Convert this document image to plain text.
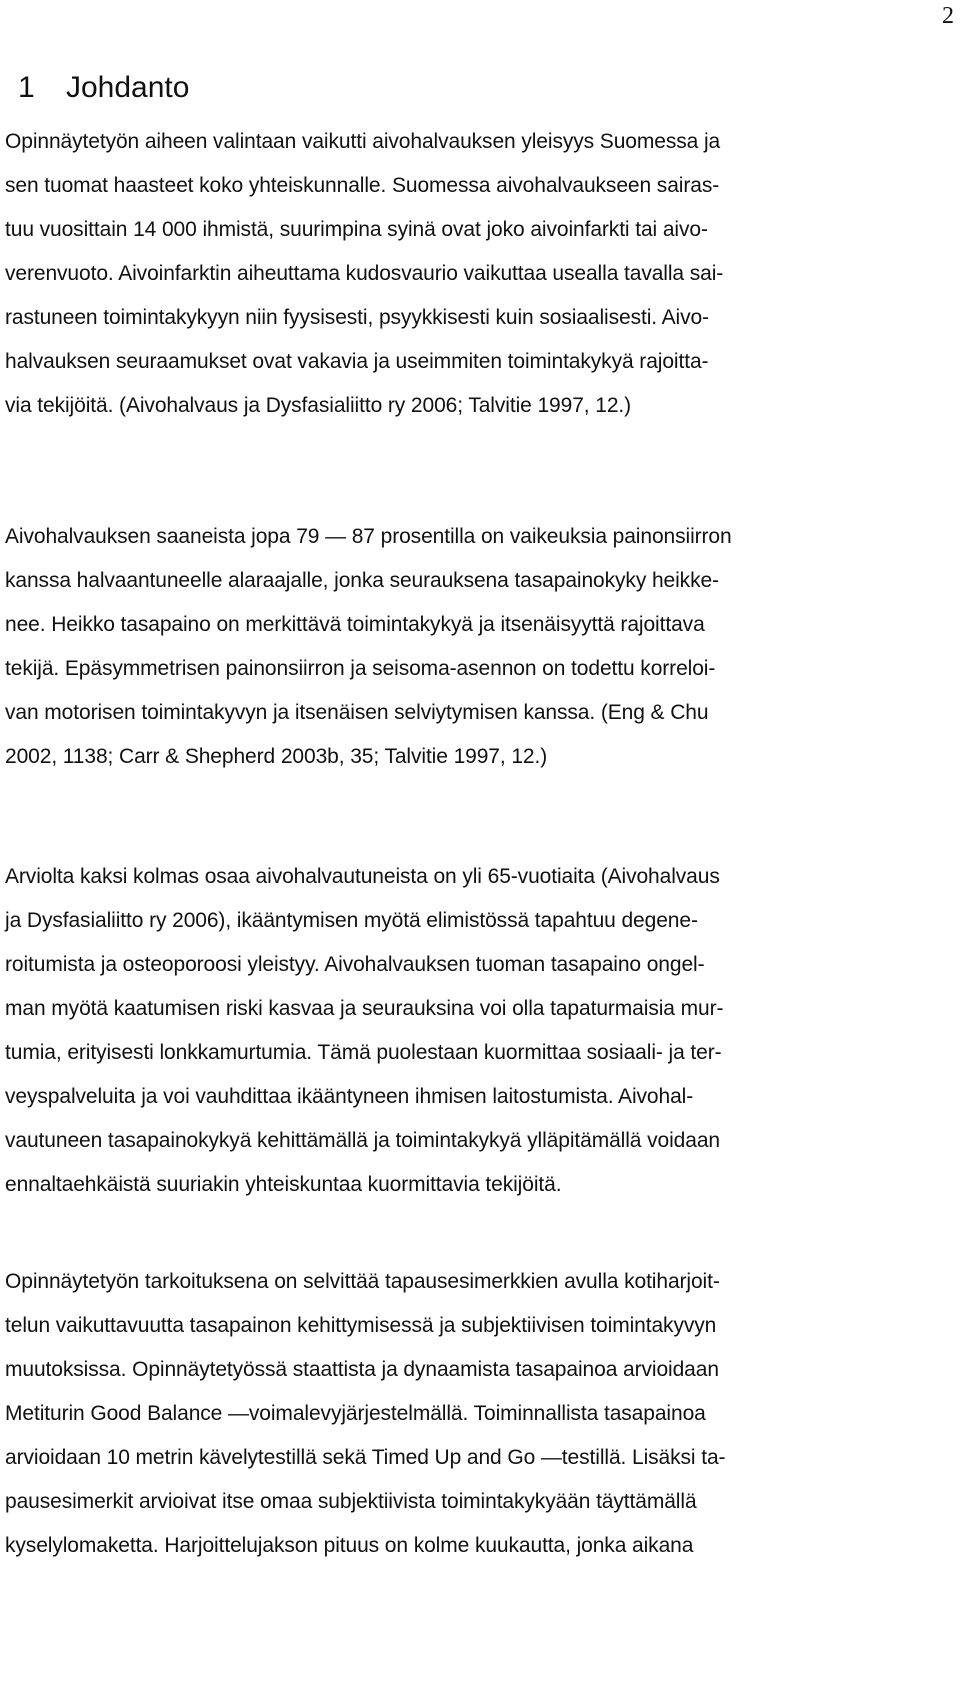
2
1 Johdanto
Opinnäytetyön aiheen valintaan vaikutti aivohalvauksen yleisyys Suomessa ja
sen tuomat haasteet koko yhteiskunnalle. Suomessa aivohalvaukseen sairas-
tuu vuosittain 14 000 ihmistä, suurimpina syinä ovat joko aivoinfarkti tai aivo-
verenvuoto. Aivoinfarktin aiheuttama kudosvaurio vaikuttaa usealla tavalla sai-
rastuneen toimintakykyyn niin fyysisesti, psyykkisesti kuin sosiaalisesti. Aivo-
halvauksen seuraamukset ovat vakavia ja useimmiten toimintakykyä rajoitta-
via tekijöitä. (Aivohalvaus ja Dysfasialiitto ry 2006; Talvitie 1997, 12.)
Aivohalvauksen saaneista jopa 79 ― 87 prosentilla on vaikeuksia painonsiirron
kanssa halvaantuneelle alaraajalle, jonka seurauksena tasapainokyky heikke-
nee. Heikko tasapaino on merkittävä toimintakykyä ja itsenäisyyttä rajoittava
tekijä. Epäsymmetrisen painonsiirron ja seisoma-asennon on todettu korreloi-
van motorisen toimintakyvyn ja itsenäisen selviytymisen kanssa. (Eng & Chu
2002, 1138; Carr & Shepherd 2003b, 35; Talvitie 1997, 12.)
Arviolta kaksi kolmas osaa aivohalvautuneista on yli 65-vuotiaita (Aivohalvaus
ja Dysfasialiitto ry 2006), ikääntymisen myötä elimistössä tapahtuu degene-
roitumista ja osteoporoosi yleistyy. Aivohalvauksen tuoman tasapaino ongel-
man myötä kaatumisen riski kasvaa ja seurauksina voi olla tapaturmaisia mur-
tumia, erityisesti lonkkamurtumia. Tämä puolestaan kuormittaa sosiaali- ja ter-
veyspalveluita ja voi vauhdittaa ikääntyneen ihmisen laitostumista. Aivohal-
vautuneen tasapainokykyä kehittämällä ja toimintakykyä ylläpitämällä voidaan
ennaltaehkäistä suuriakin yhteiskuntaa kuormittavia tekijöitä.
Opinnäytetyön tarkoituksena on selvittää tapausesimerkkien avulla kotiharjoit-
telun vaikuttavuutta tasapainon kehittymisessä ja subjektiivisen toimintakyvyn
muutoksissa. Opinnäytetyössä staattista ja dynaamista tasapainoa arvioidaan
Metiturin Good Balance ―voimalevyjärjestelmällä. Toiminnallista tasapainoa
arvioidaan 10 metrin kävelytestillä sekä Timed Up and Go ―testillä. Lisäksi ta-
pausesimerkit arvioivat itse omaa subjektiivista toimintakykyään täyttämällä
kyselylomaketta. Harjoittelujakson pituus on kolme kuukautta, jonka aikana
